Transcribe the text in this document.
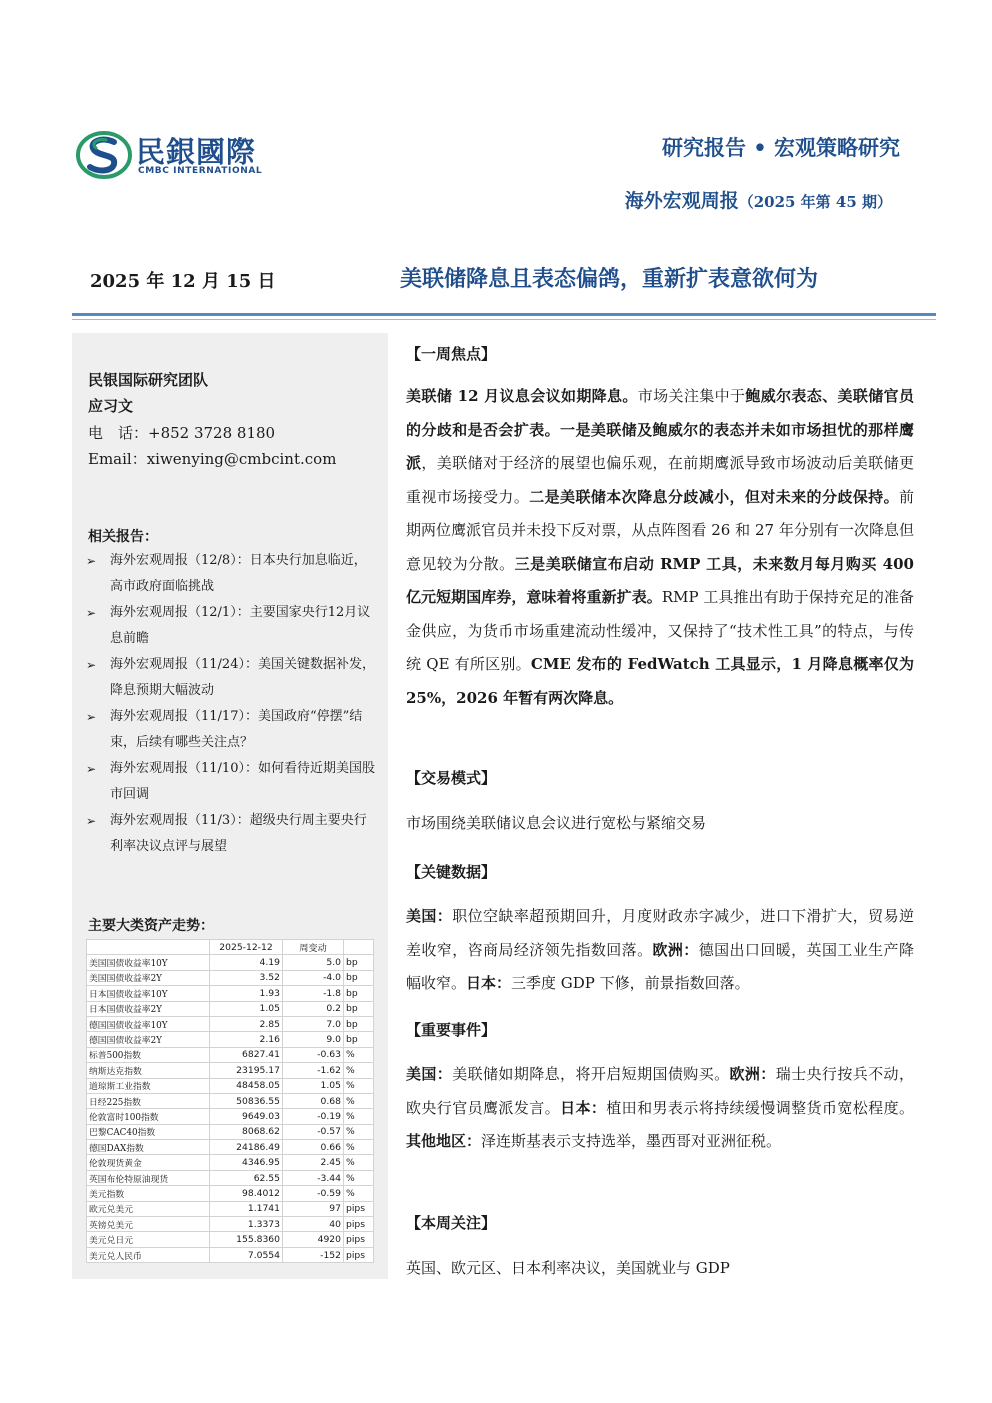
民銀國際
CMBC INTERNATIONAL
研究报告 • 宏观策略研究
海外宏观周报（2025 年第 45 期）
2025 年 12 月 15 日	美联储降息且表态偏鸽，重新扩表意欲何为
民银国际研究团队
应习文
电　话：+852 3728 8180
Email：xiwenying@cmbcint.com
相关报告：
➢ 海外宏观周报（12/8）：日本央行加息临近，高市政府面临挑战
➢ 海外宏观周报（12/1）：主要国家央行12月议息前瞻
➢ 海外宏观周报（11/24）：美国关键数据补发，降息预期大幅波动
➢ 海外宏观周报（11/17）：美国政府“停摆”结束，后续有哪些关注点？
➢ 海外宏观周报（11/10）：如何看待近期美国股市回调
➢ 海外宏观周报（11/3）：超级央行周主要央行利率决议点评与展望
主要大类资产走势：
	2025-12-12	周变动	
美国国债收益率10Y	4.19	5.0	bp
美国国债收益率2Y	3.52	-4.0	bp
日本国债收益率10Y	1.93	-1.8	bp
日本国债收益率2Y	1.05	0.2	bp
德国国债收益率10Y	2.85	7.0	bp
德国国债收益率2Y	2.16	9.0	bp
标普500指数	6827.41	-0.63	%
纳斯达克指数	23195.17	-1.62	%
道琼斯工业指数	48458.05	1.05	%
日经225指数	50836.55	0.68	%
伦敦富时100指数	9649.03	-0.19	%
巴黎CAC40指数	8068.62	-0.57	%
德国DAX指数	24186.49	0.66	%
伦敦现货黄金	4346.95	2.45	%
英国布伦特原油现货	62.55	-3.44	%
美元指数	98.4012	-0.59	%
欧元兑美元	1.1741	97	pips
英镑兑美元	1.3373	40	pips
美元兑日元	155.8360	4920	pips
美元兑人民币	7.0554	-152	pips
【一周焦点】
美联储 12 月议息会议如期降息。市场关注集中于鲍威尔表态、美联储官员的分歧和是否会扩表。一是美联储及鲍威尔的表态并未如市场担忧的那样鹰派，美联储对于经济的展望也偏乐观，在前期鹰派导致市场波动后美联储更重视市场接受力。二是美联储本次降息分歧减小，但对未来的分歧保持。前期两位鹰派官员并未投下反对票，从点阵图看 26 和 27 年分别有一次降息但意见较为分散。三是美联储宣布启动 RMP 工具，未来数月每月购买 400 亿元短期国库券，意味着将重新扩表。RMP 工具推出有助于保持充足的准备金供应，为货币市场重建流动性缓冲，又保持了“技术性工具”的特点，与传统 QE 有所区别。CME 发布的 FedWatch 工具显示，1 月降息概率仅为 25%，2026 年暂有两次降息。
【交易模式】
市场围绕美联储议息会议进行宽松与紧缩交易
【关键数据】
美国：职位空缺率超预期回升，月度财政赤字减少，进口下滑扩大，贸易逆差收窄，咨商局经济领先指数回落。欧洲：德国出口回暖，英国工业生产降幅收窄。日本：三季度 GDP 下修，前景指数回落。
【重要事件】
美国：美联储如期降息，将开启短期国债购买。欧洲：瑞士央行按兵不动，欧央行官员鹰派发言。日本：植田和男表示将持续缓慢调整货币宽松程度。其他地区：泽连斯基表示支持选举，墨西哥对亚洲征税。
【本周关注】
英国、欧元区、日本利率决议，美国就业与 GDP
